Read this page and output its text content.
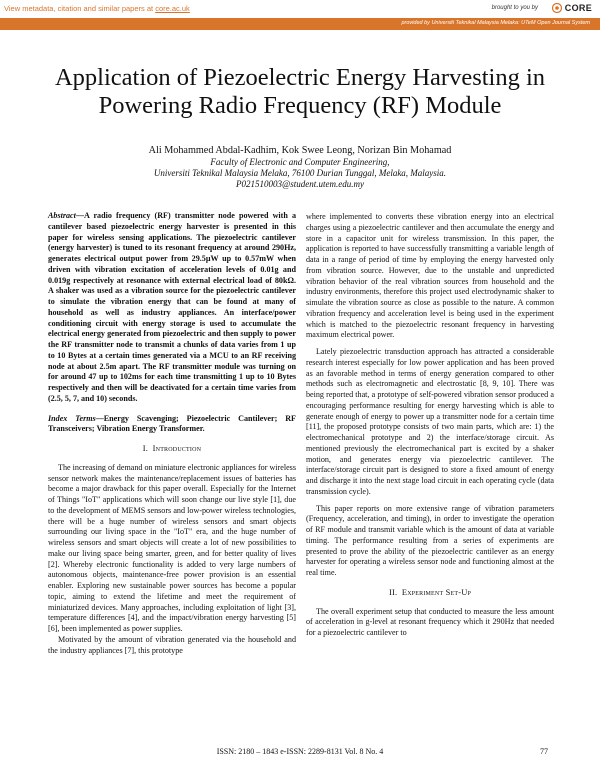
View metadata, citation and similar papers at core.ac.uk	brought to you by	CORE
provided by Universiti Teknikal Malaysia Melaka: UTeM Open Journal System
Application of Piezoelectric Energy Harvesting in Powering Radio Frequency (RF) Module
Ali Mohammed Abdal-Kadhim, Kok Swee Leong, Norizan Bin Mohamad
Faculty of Electronic and Computer Engineering,
Universiti Teknikal Malaysia Melaka, 76100 Durian Tunggal, Melaka, Malaysia.
P021510003@student.utem.edu.my

Abstract—A radio frequency (RF) transmitter node powered with a cantilever based piezoelectric energy harvester is presented in this paper for wireless sensing applications. The piezoelectric cantilever (energy harvester) is tuned to its resonant frequency at around 290Hz, generates electrical output power from 29.5µW up to 0.57mW when driven with vibration excitation of acceleration levels of 0.01g and 0.019g respectively at resonance with external electrical load of 80kΩ. A shaker was used as a vibration source for the piezoelectric cantilever to simulate the vibration energy that can be found at many of household as well as industry appliances. An interface/power conditioning circuit with energy storage is used to accumulate the electrical energy generated from piezoelectric and then supply to power the RF transmitter node to transmit a chunks of data varies from 1 up to 10 Bytes at a certain times generated via a MCU to an RF receiving node at about 2.5m apart. The RF transmitter module was turning on for around 47 up to 102ms for each time transmitting 1 up to 10 Bytes respectively and then will be deactivated for a certain time varies from (2.5, 5, 7, and 10) seconds.

Index Terms—Energy Scavenging; Piezoelectric Cantilever; RF Transceivers; Vibration Energy Transformer.

I. Introduction

The increasing of demand on miniature electronic appliances for wireless sensor network makes the maintenance/replacement issues of batteries has become a major drawback for this paper overall. Especially for the Internet of Things "IoT" applications which will soon change our live style [1], due to the development of MEMS sensors and low-power wireless technologies, there will be a huge number of wireless sensors and smart objects surrounding our living space in the "IoT" era, and the huge number of wireless sensors and smart objects will create a lot of new possibilities to make our living space being smarter, green, and for better quality of lives [2]. Whereby electronic functionality is added to very large numbers of autonomous objects, maintenance-free power provision is an essential enabler. Exploring new sustainable power sources has become a popular topic, aiming to extend the lifetime and meet the requirement of miniaturized devices. Many approaches, including exploitation of light [3], temperature differences [4], and the impact/vibration energy harvesting [5][6], been implemented as power supplies.

Motivated by the amount of vibration generated via the household and the industry appliances [7], this prototype

where implemented to converts these vibration energy into an electrical charges using a piezoelectric cantilever and then accumulate the energy and store in a capacitor unit for wireless transmission. In this paper, the application is reported to have successfully transmitting a variable length of data in a range of period of time by employing the energy harvested only from vibration source. However, due to the unstable and unpredicted vibration behavior of the real vibration sources from household and the industry environments, therefore this project used electrodynamic shaker to simulate the vibration source as close as possible to the nature. A common vibration frequency and acceleration level is being used in the experiment which is matched to the piezoelectric resonant frequency in harvesting maximum electrical power.

Lately piezoelectric transduction approach has attracted a considerable research interest especially for low power application and has been proved as an favorable method in terms of energy generation compared to other methods such as electromagnetic and electrostatic [8, 9, 10]. There was being reported that, a prototype of self-powered vibration sensor produced a encouraging performance resulting for energy harvesting which is able to generate enough of energy to power up a transmitter node for a certain time [11], the proposed prototype consists of two main parts, which are: 1) the electromechanical prototype and 2) the interface/storage circuit. As mentioned previously the electromechanical part is excited by a shaker motion, and generates energy via piezoelectric cantilever. The interface/storage circuit part is designed to store a fixed amount of energy and discharge it into the next stage load circuit in each operating cycle (data transmission cycle).

This paper reports on more extensive range of vibration parameters (Frequency, acceleration, and timing), in order to investigate the operation of RF module and transmit variable which is the amount of data at variable timing. The performance resulting from a series of experiments are presented to prove the ability of the piezoelectric cantilever as an energy harvester for operating a wireless sensor node and functioning almost at the real time.

II. Experiment Set-Up

The overall experiment setup that conducted to measure the less amount of acceleration in g-level at resonant frequency which it 290Hz that needed for a piezoelectric cantilever to

ISSN: 2180 – 1843 e-ISSN: 2289-8131 Vol. 8 No. 4	77
